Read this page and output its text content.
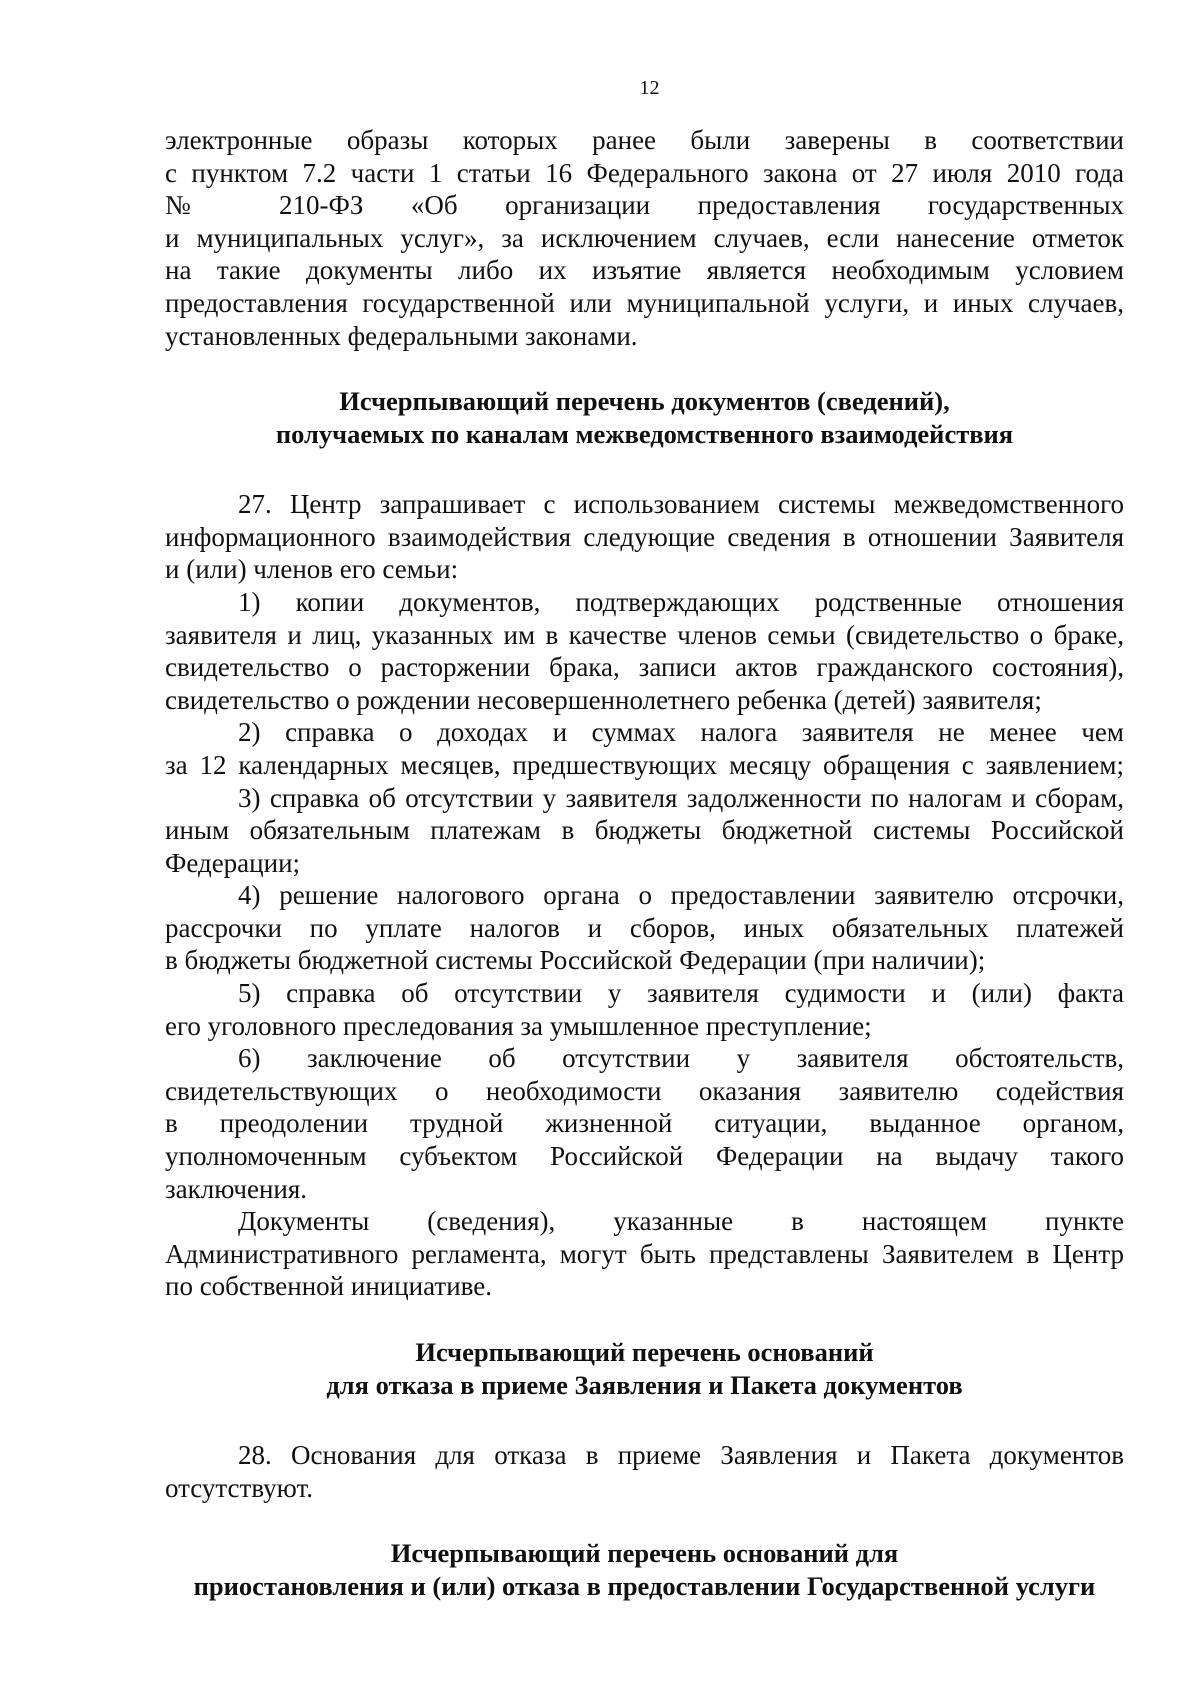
12
электронные образы которых ранее были заверены в соответствии
с пунктом 7.2 части 1 статьи 16 Федерального закона от 27 июля 2010 года
№ 210-ФЗ «Об организации предоставления государственных
и муниципальных услуг», за исключением случаев, если нанесение отметок
на такие документы либо их изъятие является необходимым условием
предоставления государственной или муниципальной услуги, и иных случаев,
установленных федеральными законами.
Исчерпывающий перечень документов (сведений),
получаемых по каналам межведомственного взаимодействия
27. Центр запрашивает с использованием системы межведомственного
информационного взаимодействия следующие сведения в отношении Заявителя
и (или) членов его семьи:
1) копии документов, подтверждающих родственные отношения
заявителя и лиц, указанных им в качестве членов семьи (свидетельство о браке,
свидетельство о расторжении брака, записи актов гражданского состояния),
свидетельство о рождении несовершеннолетнего ребенка (детей) заявителя;
2) справка о доходах и суммах налога заявителя не менее чем
за 12 календарных месяцев, предшествующих месяцу обращения с заявлением;
3) справка об отсутствии у заявителя задолженности по налогам и сборам,
иным обязательным платежам в бюджеты бюджетной системы Российской
Федерации;
4) решение налогового органа о предоставлении заявителю отсрочки,
рассрочки по уплате налогов и сборов, иных обязательных платежей
в бюджеты бюджетной системы Российской Федерации (при наличии);
5) справка об отсутствии у заявителя судимости и (или) факта
его уголовного преследования за умышленное преступление;
6) заключение об отсутствии у заявителя обстоятельств,
свидетельствующих о необходимости оказания заявителю содействия
в преодолении трудной жизненной ситуации, выданное органом,
уполномоченным субъектом Российской Федерации на выдачу такого
заключения.
Документы (сведения), указанные в настоящем пункте
Административного регламента, могут быть представлены Заявителем в Центр
по собственной инициативе.
Исчерпывающий перечень оснований
для отказа в приеме Заявления и Пакета документов
28. Основания для отказа в приеме Заявления и Пакета документов
отсутствуют.
Исчерпывающий перечень оснований для
приостановления и (или) отказа в предоставлении Государственной услуги
